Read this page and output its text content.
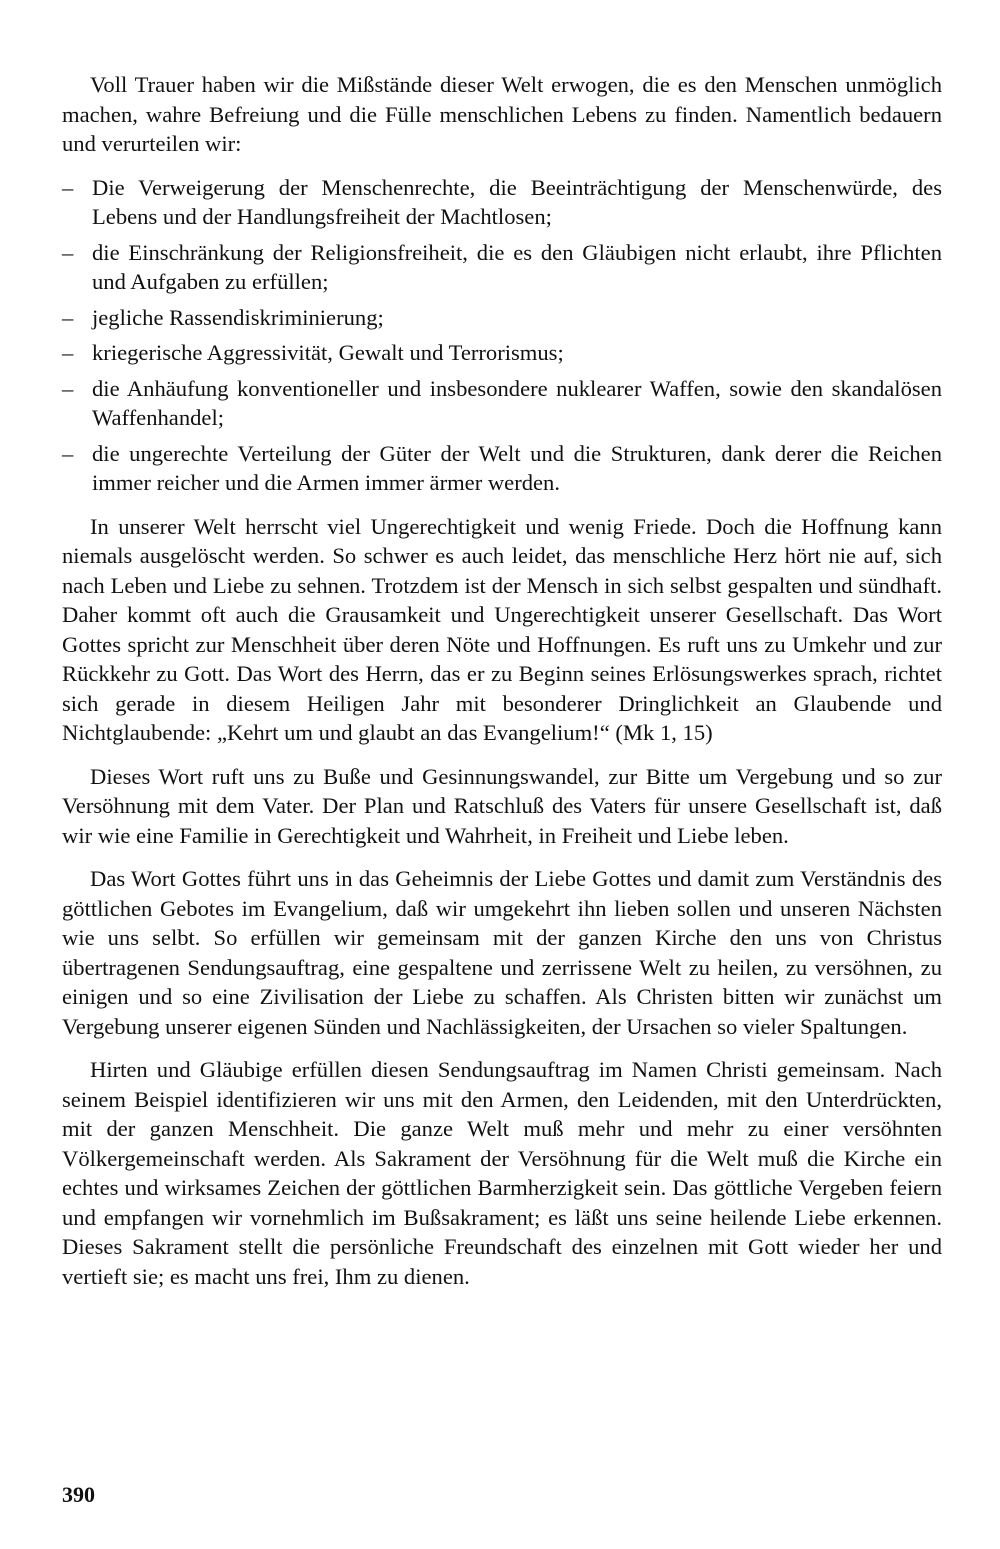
Voll Trauer haben wir die Mißstände dieser Welt erwogen, die es den Menschen unmöglich machen, wahre Befreiung und die Fülle menschlichen Lebens zu finden. Namentlich bedauern und verurteilen wir:

– Die Verweigerung der Menschenrechte, die Beeinträchtigung der Menschenwürde, des Lebens und der Handlungsfreiheit der Machtlosen;
– die Einschränkung der Religionsfreiheit, die es den Gläubigen nicht erlaubt, ihre Pflichten und Aufgaben zu erfüllen;
– jegliche Rassendiskriminierung;
– kriegerische Aggressivität, Gewalt und Terrorismus;
– die Anhäufung konventioneller und insbesondere nuklearer Waffen, sowie den skandalösen Waffenhandel;
– die ungerechte Verteilung der Güter der Welt und die Strukturen, dank derer die Reichen immer reicher und die Armen immer ärmer werden.

In unserer Welt herrscht viel Ungerechtigkeit und wenig Friede. Doch die Hoffnung kann niemals ausgelöscht werden. So schwer es auch leidet, das menschliche Herz hört nie auf, sich nach Leben und Liebe zu sehnen. Trotzdem ist der Mensch in sich selbst gespalten und sündhaft. Daher kommt oft auch die Grausamkeit und Ungerechtigkeit unserer Gesellschaft. Das Wort Gottes spricht zur Menschheit über deren Nöte und Hoffnungen. Es ruft uns zu Umkehr und zur Rückkehr zu Gott. Das Wort des Herrn, das er zu Beginn seines Erlösungswerkes sprach, richtet sich gerade in diesem Heiligen Jahr mit besonderer Dringlichkeit an Glaubende und Nichtglaubende: „Kehrt um und glaubt an das Evangelium!“ (Mk 1, 15)

Dieses Wort ruft uns zu Buße und Gesinnungswandel, zur Bitte um Vergebung und so zur Versöhnung mit dem Vater. Der Plan und Ratschluß des Vaters für unsere Gesellschaft ist, daß wir wie eine Familie in Gerechtigkeit und Wahrheit, in Freiheit und Liebe leben.

Das Wort Gottes führt uns in das Geheimnis der Liebe Gottes und damit zum Verständnis des göttlichen Gebotes im Evangelium, daß wir umgekehrt ihn lieben sollen und unseren Nächsten wie uns selbt. So erfüllen wir gemeinsam mit der ganzen Kirche den uns von Christus übertragenen Sendungsauftrag, eine gespaltene und zerrissene Welt zu heilen, zu versöhnen, zu einigen und so eine Zivilisation der Liebe zu schaffen. Als Christen bitten wir zunächst um Vergebung unserer eigenen Sünden und Nachlässigkeiten, der Ursachen so vieler Spaltungen.

Hirten und Gläubige erfüllen diesen Sendungsauftrag im Namen Christi gemeinsam. Nach seinem Beispiel identifizieren wir uns mit den Armen, den Leidenden, mit den Unterdrückten, mit der ganzen Menschheit. Die ganze Welt muß mehr und mehr zu einer versöhnten Völkergemeinschaft werden. Als Sakrament der Versöhnung für die Welt muß die Kirche ein echtes und wirksames Zeichen der göttlichen Barmherzigkeit sein. Das göttliche Vergeben feiern und empfangen wir vornehmlich im Bußsakrament; es läßt uns seine heilende Liebe erkennen. Dieses Sakrament stellt die persönliche Freundschaft des einzelnen mit Gott wieder her und vertieft sie; es macht uns frei, Ihm zu dienen.

390
